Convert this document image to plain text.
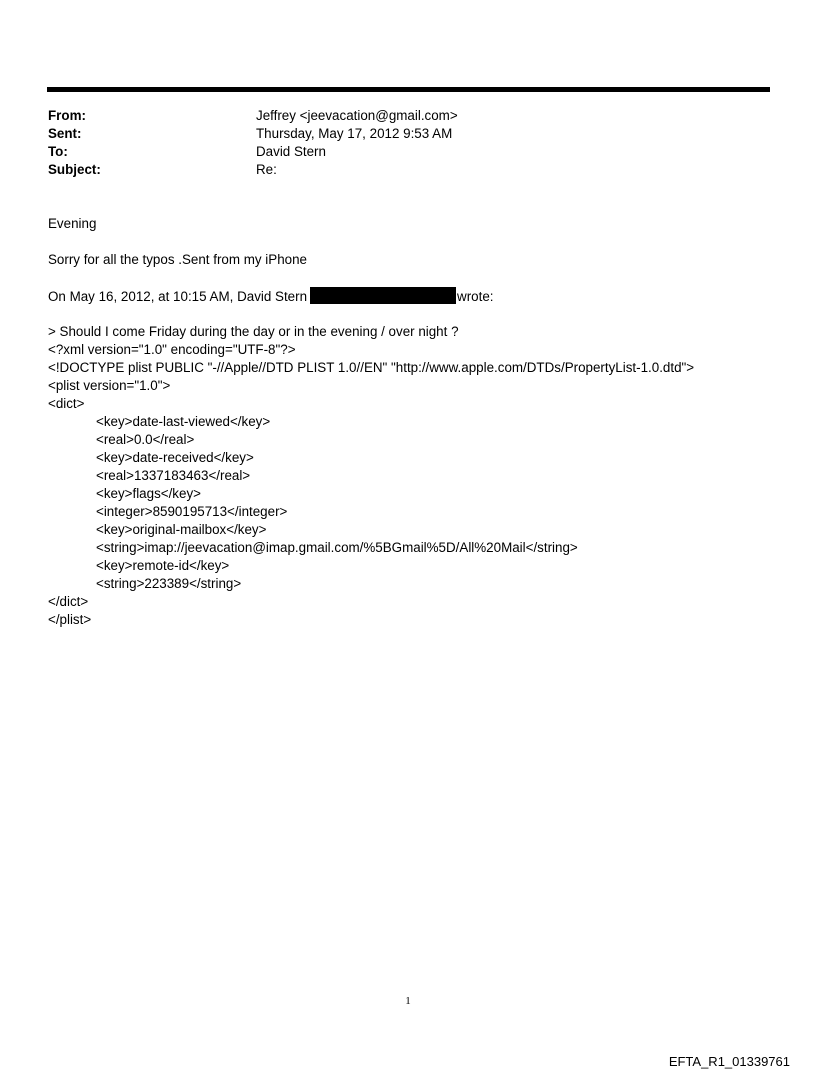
From:	Jeffrey <jeevacation@gmail.com>
Sent:	Thursday, May 17, 2012 9:53 AM
To:	David Stern
Subject:	Re:
Evening
Sorry for all the typos .Sent from my iPhone
On May 16, 2012, at 10:15 AM, David Stern	wrote:
> Should I come Friday during the day or in the evening / over night ?
<?xml version="1.0" encoding="UTF-8"?>
<!DOCTYPE plist PUBLIC "-//Apple//DTD PLIST 1.0//EN" "http://www.apple.com/DTDs/PropertyList-1.0.dtd">
<plist version="1.0">
<dict>
<key>date-last-viewed</key>
<real>0.0</real>
<key>date-received</key>
<real>1337183463</real>
<key>flags</key>
<integer>8590195713</integer>
<key>original-mailbox</key>
<string>imap://jeevacation@imap.gmail.com/%5BGmail%5D/All%20Mail</string>
<key>remote-id</key>
<string>223389</string>
</dict>
</plist>
1
EFTA_R1_01339761
